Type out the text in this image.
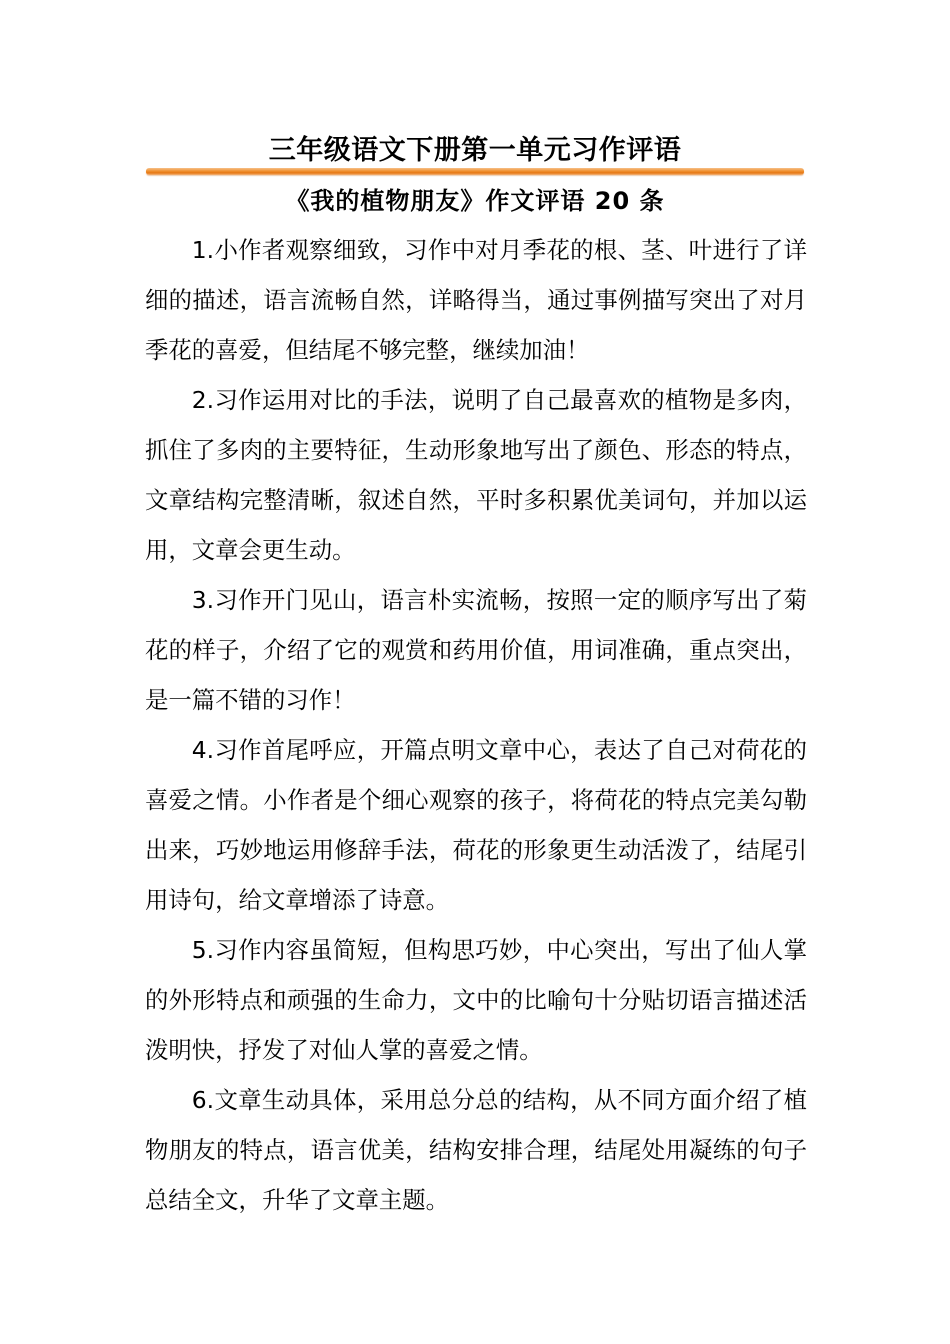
三年级语文下册第一单元习作评语
《我的植物朋友》作文评语 20 条

1.小作者观察细致，习作中对月季花的根、茎、叶进行了详细的描述，语言流畅自然，详略得当，通过事例描写突出了对月季花的喜爱，但结尾不够完整，继续加油！

2.习作运用对比的手法，说明了自己最喜欢的植物是多肉，抓住了多肉的主要特征，生动形象地写出了颜色、形态的特点，文章结构完整清晰，叙述自然，平时多积累优美词句，并加以运用，文章会更生动。

3.习作开门见山，语言朴实流畅，按照一定的顺序写出了菊花的样子，介绍了它的观赏和药用价值，用词准确，重点突出，是一篇不错的习作！

4.习作首尾呼应，开篇点明文章中心，表达了自己对荷花的喜爱之情。小作者是个细心观察的孩子，将荷花的特点完美勾勒出来，巧妙地运用修辞手法，荷花的形象更生动活泼了，结尾引用诗句，给文章增添了诗意。

5.习作内容虽简短，但构思巧妙，中心突出，写出了仙人掌的外形特点和顽强的生命力，文中的比喻句十分贴切语言描述活泼明快，抒发了对仙人掌的喜爱之情。

6.文章生动具体，采用总分总的结构，从不同方面介绍了植物朋友的特点，语言优美，结构安排合理，结尾处用凝练的句子总结全文，升华了文章主题。
